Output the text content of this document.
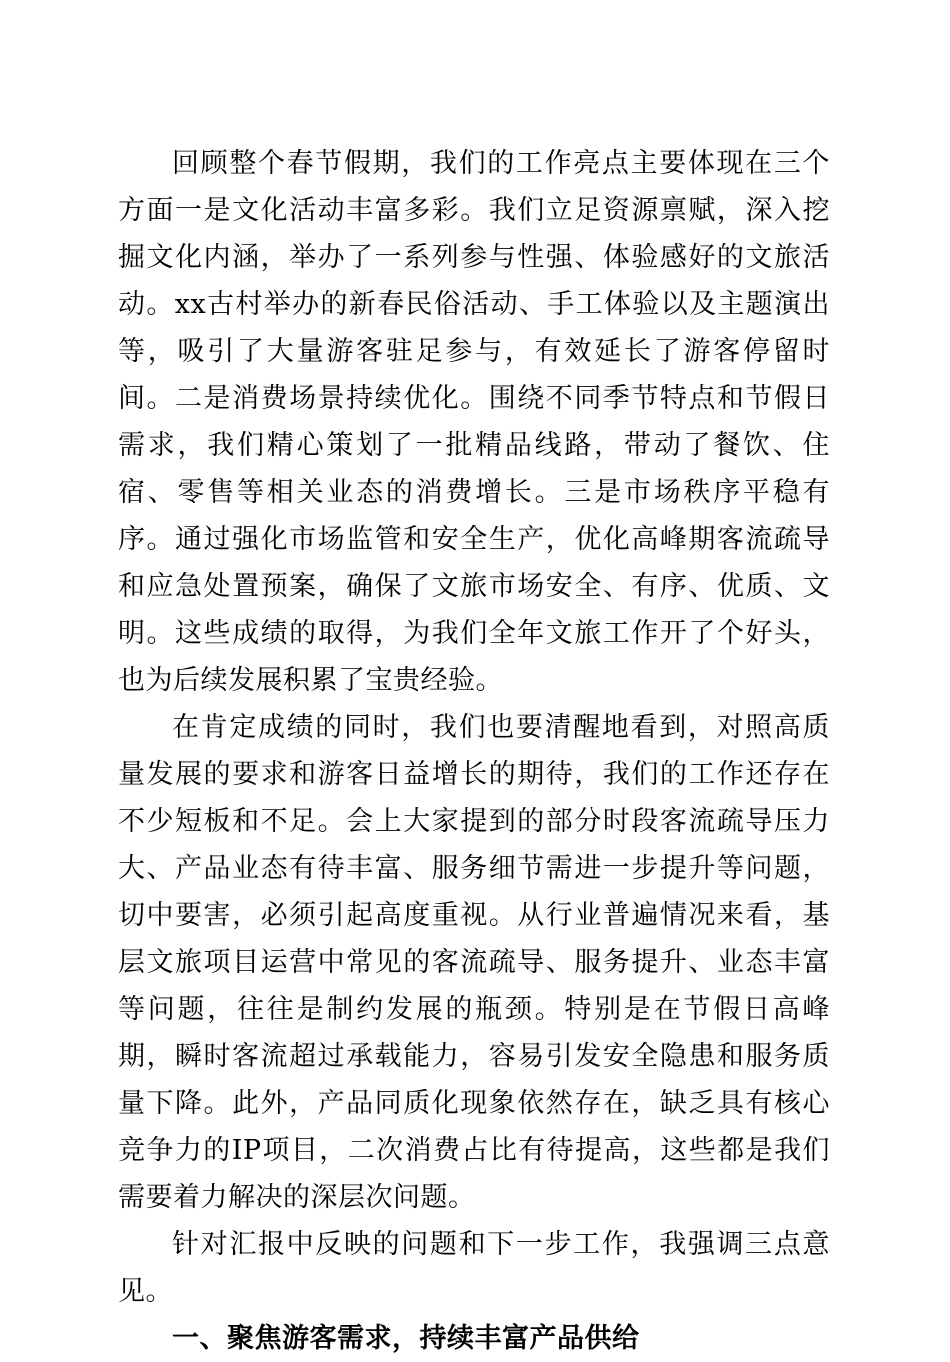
回顾整个春节假期，我们的工作亮点主要体现在三个方面一是文化活动丰富多彩。我们立足资源禀赋，深入挖掘文化内涵，举办了一系列参与性强、体验感好的文旅活动。xx古村举办的新春民俗活动、手工体验以及主题演出等，吸引了大量游客驻足参与，有效延长了游客停留时间。二是消费场景持续优化。围绕不同季节特点和节假日需求，我们精心策划了一批精品线路，带动了餐饮、住宿、零售等相关业态的消费增长。三是市场秩序平稳有序。通过强化市场监管和安全生产，优化高峰期客流疏导和应急处置预案，确保了文旅市场安全、有序、优质、文明。这些成绩的取得，为我们全年文旅工作开了个好头，也为后续发展积累了宝贵经验。

在肯定成绩的同时，我们也要清醒地看到，对照高质量发展的要求和游客日益增长的期待，我们的工作还存在不少短板和不足。会上大家提到的部分时段客流疏导压力大、产品业态有待丰富、服务细节需进一步提升等问题，切中要害，必须引起高度重视。从行业普遍情况来看，基层文旅项目运营中常见的客流疏导、服务提升、业态丰富等问题，往往是制约发展的瓶颈。特别是在节假日高峰期，瞬时客流超过承载能力，容易引发安全隐患和服务质量下降。此外，产品同质化现象依然存在，缺乏具有核心竞争力的IP项目，二次消费占比有待提高，这些都是我们需要着力解决的深层次问题。

针对汇报中反映的问题和下一步工作，我强调三点意见。

一、聚焦游客需求，持续丰富产品供给
